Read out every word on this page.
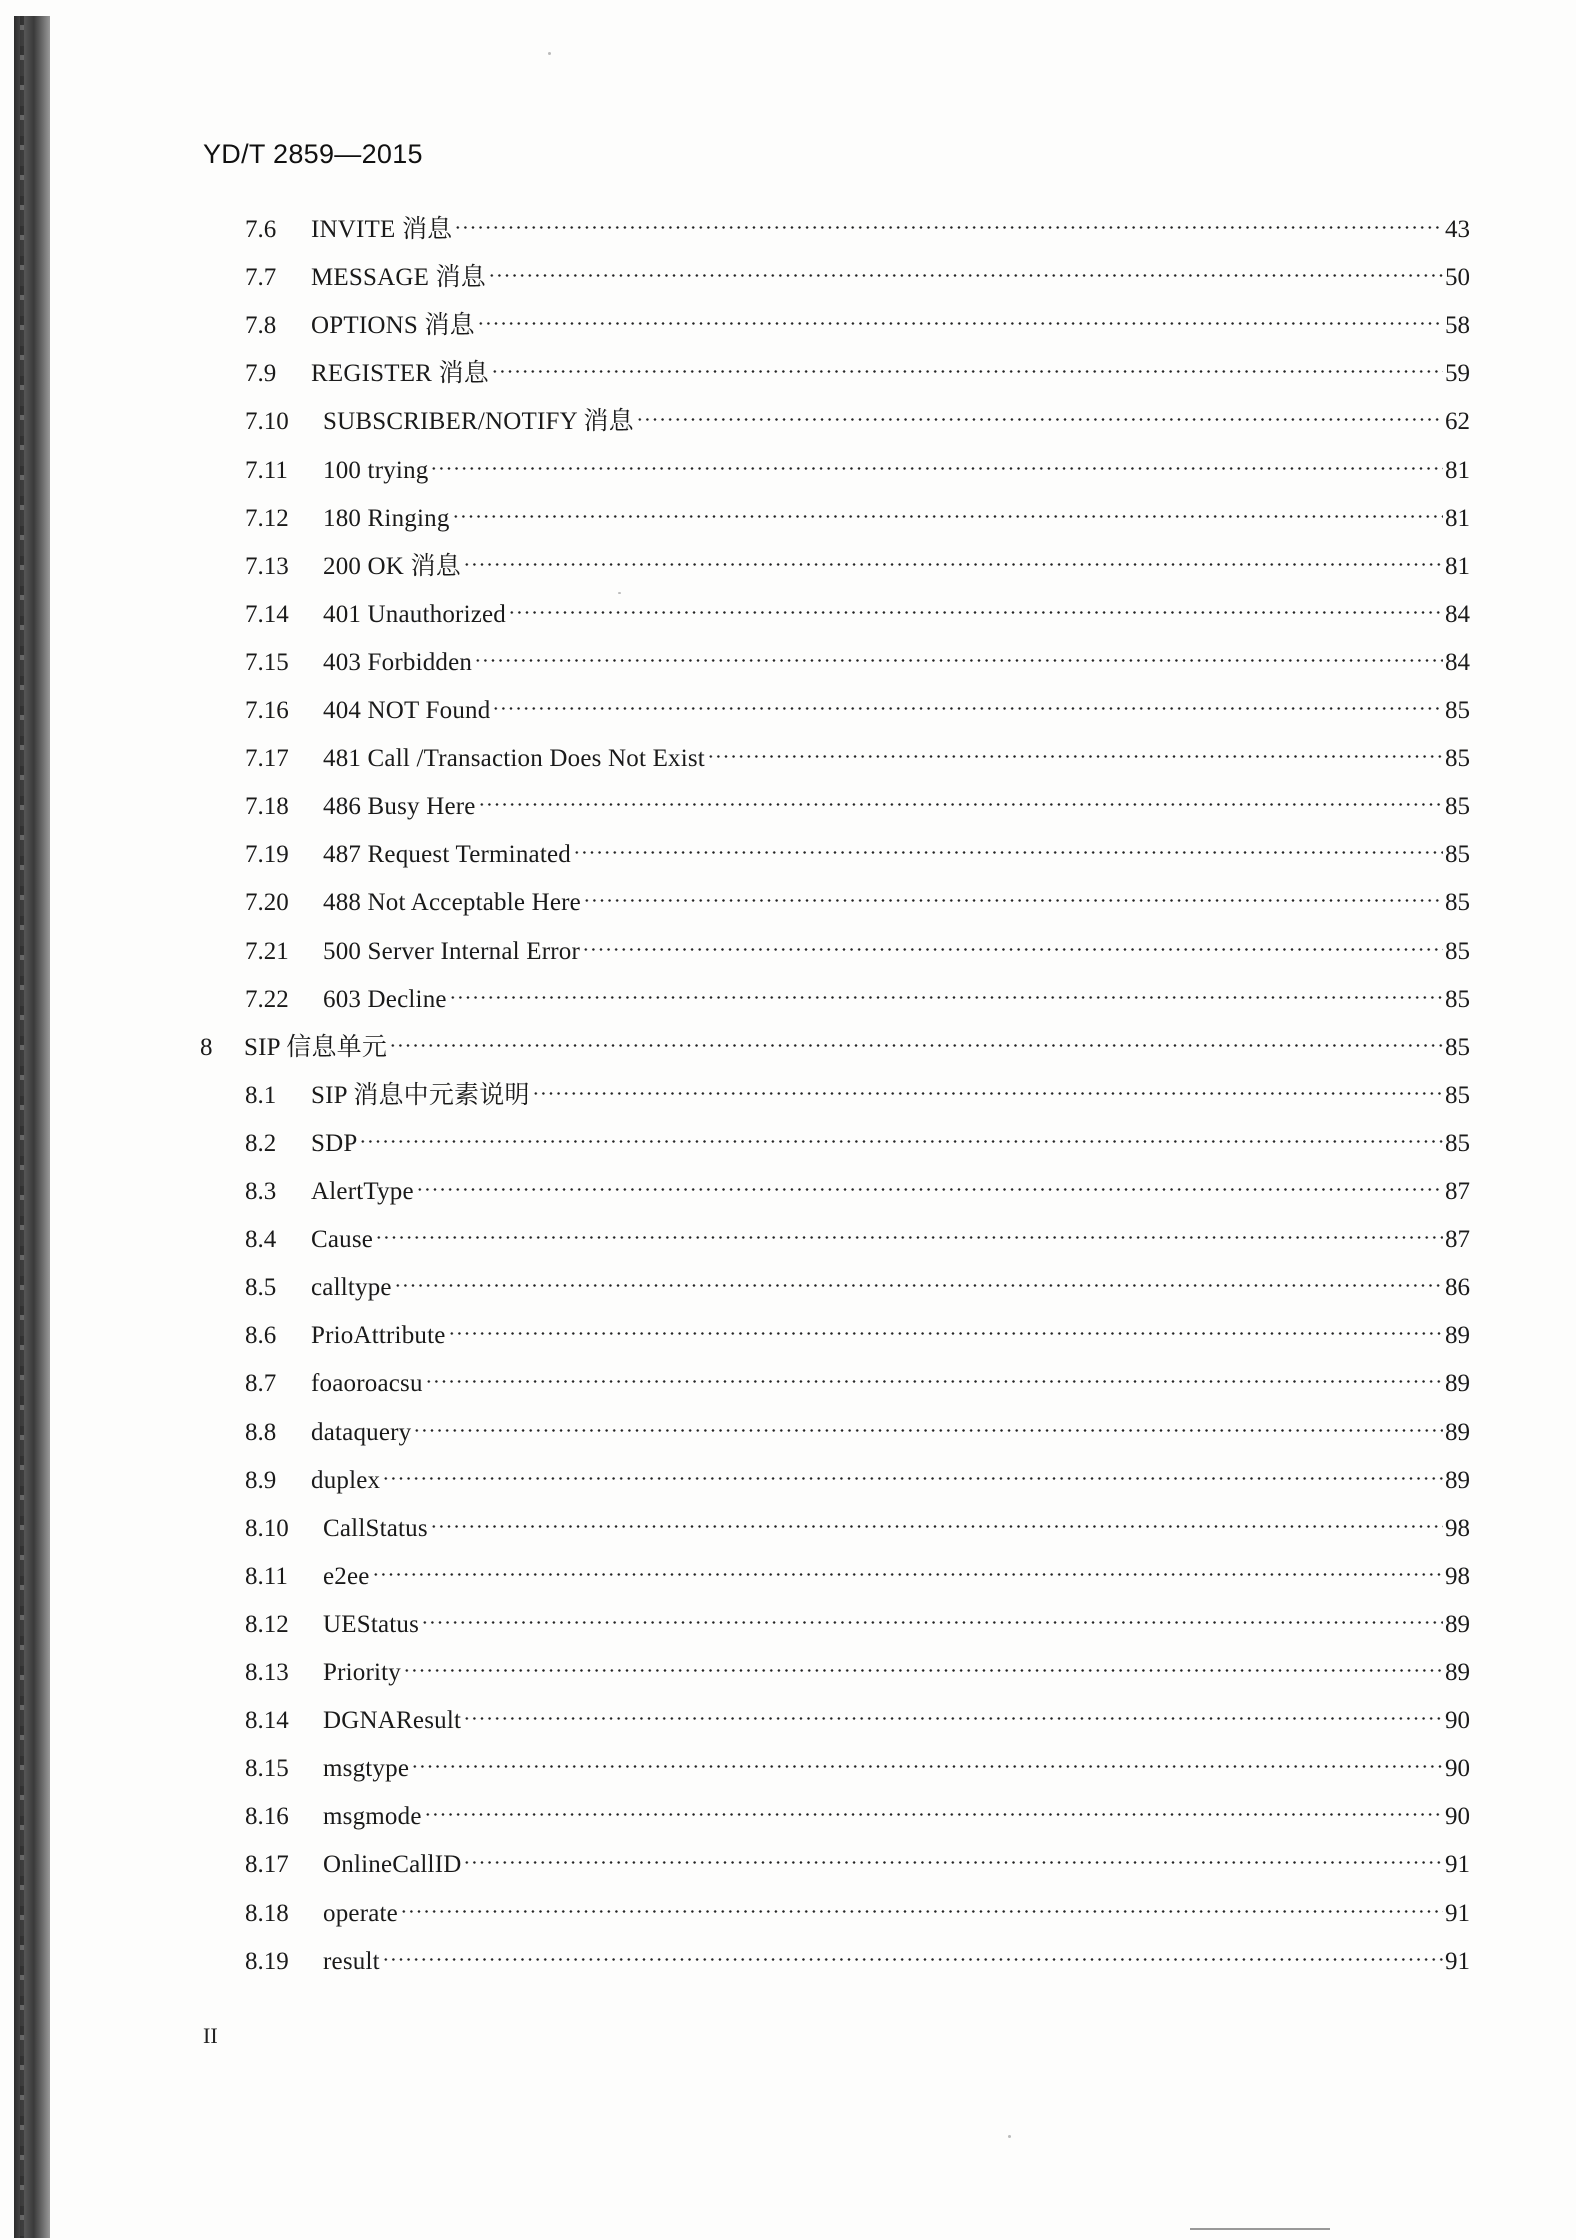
YD/T 2859—2015
7.6	INVITE 消息	43
7.7	MESSAGE 消息	50
7.8	OPTIONS 消息	58
7.9	REGISTER 消息	59
7.10	SUBSCRIBER/NOTIFY 消息	62
7.11	100 trying	81
7.12	180 Ringing	81
7.13	200 OK 消息	81
7.14	401 Unauthorized	84
7.15	403 Forbidden	84
7.16	404 NOT Found	85
7.17	481 Call /Transaction Does Not Exist	85
7.18	486 Busy Here	85
7.19	487 Request Terminated	85
7.20	488 Not Acceptable Here	85
7.21	500 Server Internal Error	85
7.22	603 Decline	85
8	SIP 信息单元	85
8.1	SIP 消息中元素说明	85
8.2	SDP	85
8.3	AlertType	87
8.4	Cause	87
8.5	calltype	86
8.6	PrioAttribute	89
8.7	foaoroacsu	89
8.8	dataquery	89
8.9	duplex	89
8.10	CallStatus	98
8.11	e2ee	98
8.12	UEStatus	89
8.13	Priority	89
8.14	DGNAResult	90
8.15	msgtype	90
8.16	msgmode	90
8.17	OnlineCallID	91
8.18	operate	91
8.19	result	91
II
